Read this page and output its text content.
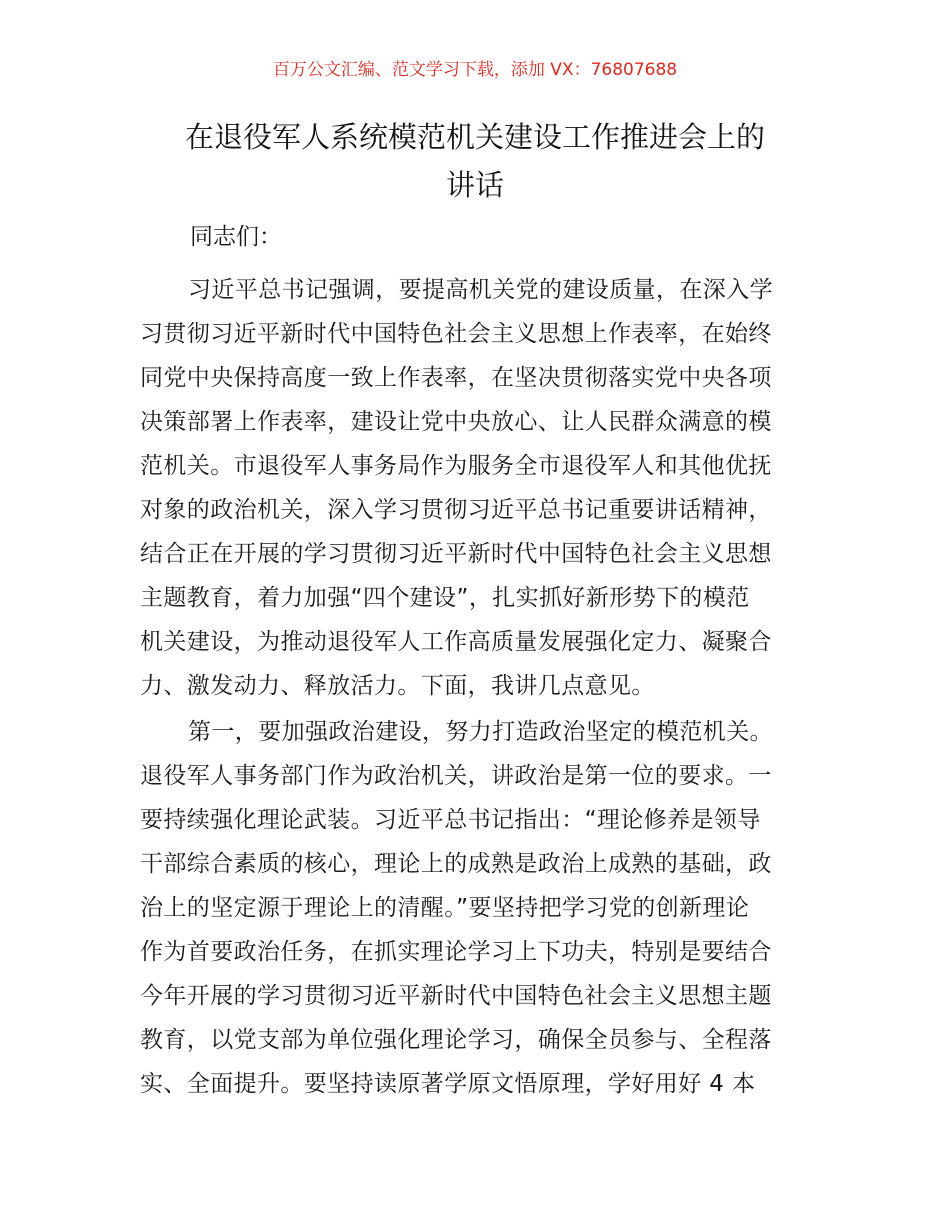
百万公文汇编、范文学习下载，添加 VX：76807688
在退役军人系统模范机关建设工作推进会上的
讲话
同志们：
习近平总书记强调，要提高机关党的建设质量，在深入学
习贯彻习近平新时代中国特色社会主义思想上作表率，在始终
同党中央保持高度一致上作表率，在坚决贯彻落实党中央各项
决策部署上作表率，建设让党中央放心、让人民群众满意的模
范机关。市退役军人事务局作为服务全市退役军人和其他优抚
对象的政治机关，深入学习贯彻习近平总书记重要讲话精神，
结合正在开展的学习贯彻习近平新时代中国特色社会主义思想
主题教育，着力加强“四个建设”，扎实抓好新形势下的模范
机关建设，为推动退役军人工作高质量发展强化定力、凝聚合
力、激发动力、释放活力。下面，我讲几点意见。
第一，要加强政治建设，努力打造政治坚定的模范机关。
退役军人事务部门作为政治机关，讲政治是第一位的要求。一
要持续强化理论武装。习近平总书记指出：“理论修养是领导
干部综合素质的核心，理论上的成熟是政治上成熟的基础，政
治上的坚定源于理论上的清醒。”要坚持把学习党的创新理论
作为首要政治任务，在抓实理论学习上下功夫，特别是要结合
今年开展的学习贯彻习近平新时代中国特色社会主义思想主题
教育，以党支部为单位强化理论学习，确保全员参与、全程落
实、全面提升。要坚持读原著学原文悟原理，学好用好 4 本
